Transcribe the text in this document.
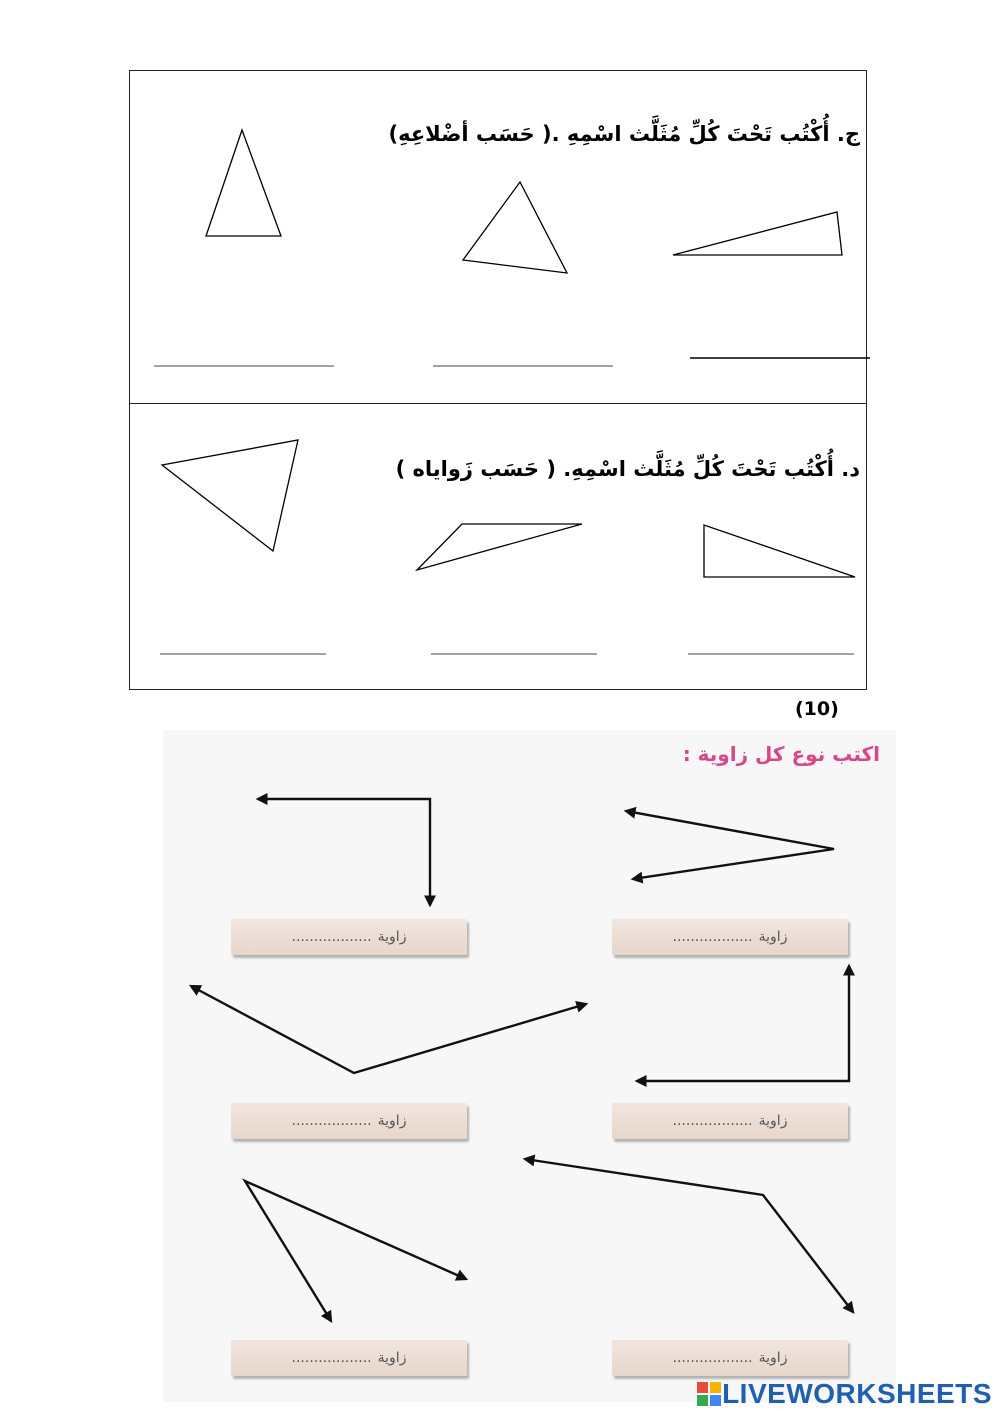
ج. أُكْتُب تَحْتَ كُلِّ مُثَلَّث اسْمِهِ .( حَسَب أضْلاعِهِ)
د. أُكْتُب تَحْتَ كُلِّ مُثَلَّث اسْمِهِ. ( حَسَب زَواياه )
(10)
اكتب نوع كل زاوية :
زاوية
..................
زاوية
..................
زاوية
..................
زاوية
..................
زاوية
..................	زاوية
..................
LIVEWORKSHEETS
